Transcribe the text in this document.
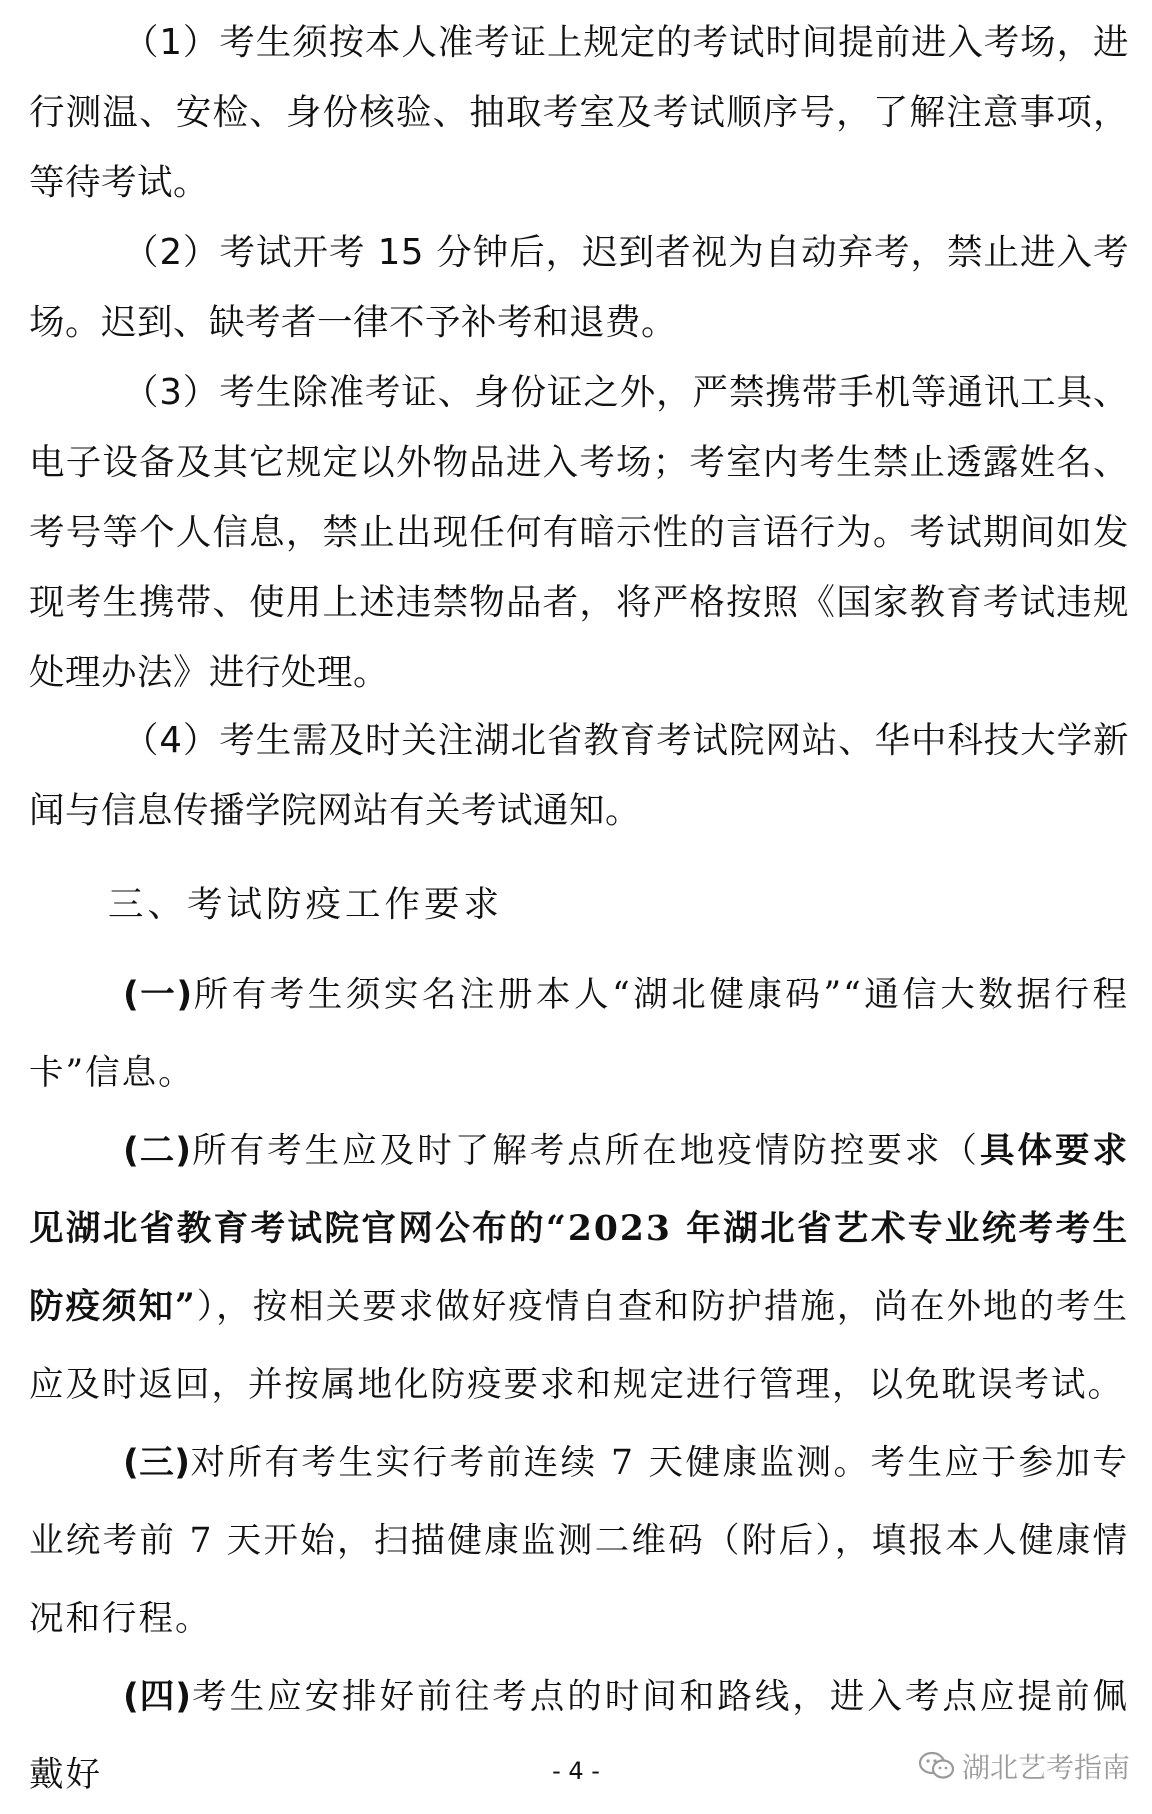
（1）考生须按本人准考证上规定的考试时间提前进入考场，进行测温、安检、身份核验、抽取考室及考试顺序号，了解注意事项，等待考试。

（2）考试开考 15 分钟后，迟到者视为自动弃考，禁止进入考场。迟到、缺考者一律不予补考和退费。

（3）考生除准考证、身份证之外，严禁携带手机等通讯工具、电子设备及其它规定以外物品进入考场；考室内考生禁止透露姓名、考号等个人信息，禁止出现任何有暗示性的言语行为。考试期间如发现考生携带、使用上述违禁物品者，将严格按照《国家教育考试违规处理办法》进行处理。

（4）考生需及时关注湖北省教育考试院网站、华中科技大学新闻与信息传播学院网站有关考试通知。

三、考试防疫工作要求

(一)所有考生须实名注册本人“湖北健康码”“通信大数据行程卡”信息。

(二)所有考生应及时了解考点所在地疫情防控要求（具体要求见湖北省教育考试院官网公布的“2023 年湖北省艺术专业统考考生防疫须知”），按相关要求做好疫情自查和防护措施，尚在外地的考生应及时返回，并按属地化防疫要求和规定进行管理，以免耽误考试。

(三)对所有考生实行考前连续 7 天健康监测。考生应于参加专业统考前 7 天开始，扫描健康监测二维码（附后），填报本人健康情况和行程。

(四)考生应安排好前往考点的时间和路线，进入考点应提前佩戴好	- 4 -	湖北艺考指南
